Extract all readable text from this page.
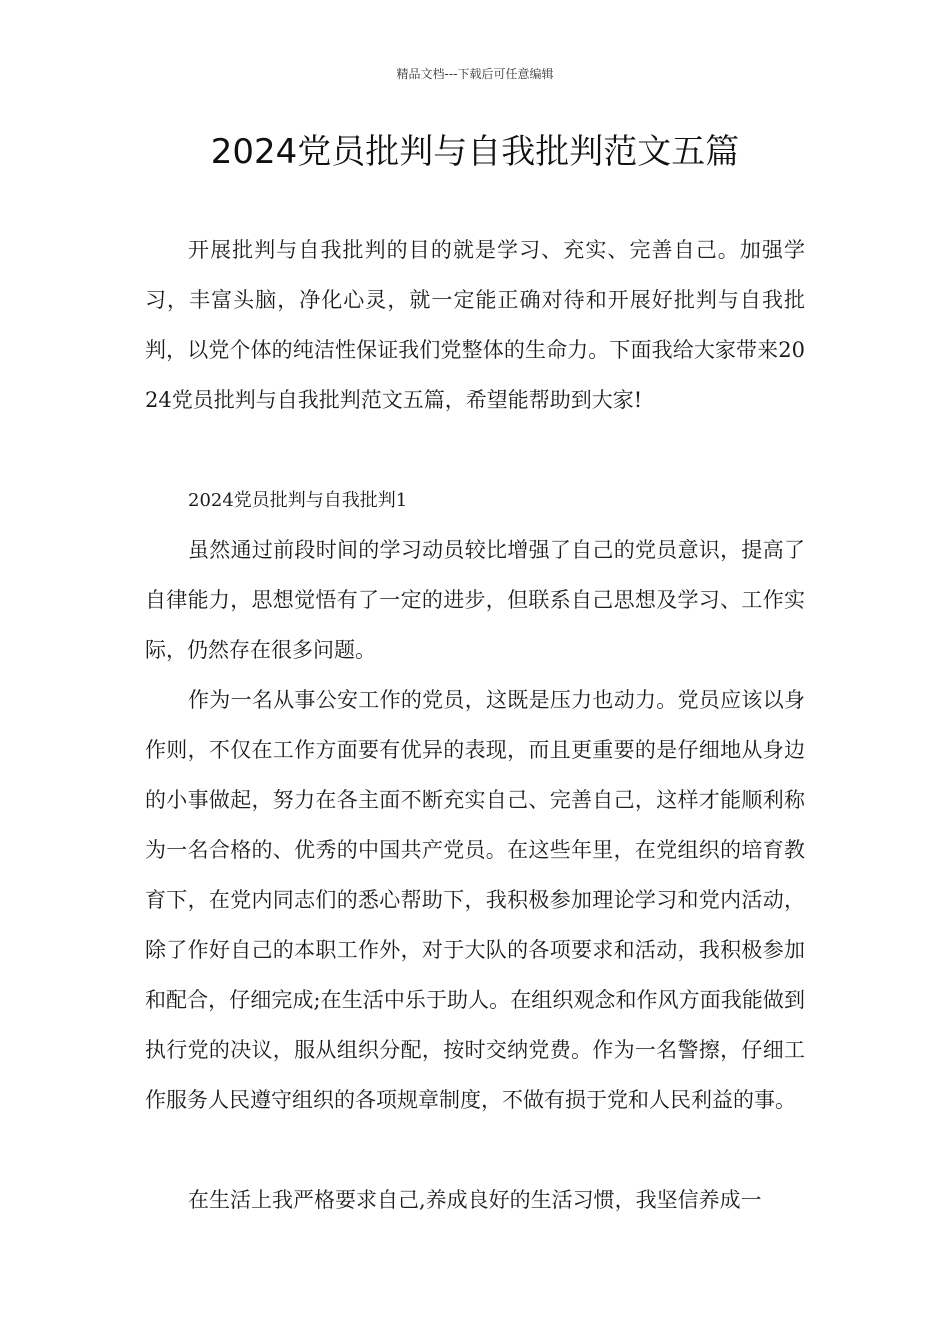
精品文档---下载后可任意编辑
2024党员批判与自我批判范文五篇

开展批判与自我批判的目的就是学习、充实、完善自己。加强学习，丰富头脑，净化心灵，就一定能正确对待和开展好批判与自我批判，以党个体的纯洁性保证我们党整体的生命力。下面我给大家带来2024党员批判与自我批判范文五篇，希望能帮助到大家!

2024党员批判与自我批判1

虽然通过前段时间的学习动员较比增强了自己的党员意识，提高了自律能力，思想觉悟有了一定的进步，但联系自己思想及学习、工作实际，仍然存在很多问题。

作为一名从事公安工作的党员，这既是压力也动力。党员应该以身作则，不仅在工作方面要有优异的表现，而且更重要的是仔细地从身边的小事做起，努力在各主面不断充实自己、完善自己，这样才能顺利称为一名合格的、优秀的中国共产党员。在这些年里，在党组织的培育教育下，在党内同志们的悉心帮助下，我积极参加理论学习和党内活动，除了作好自己的本职工作外，对于大队的各项要求和活动，我积极参加和配合，仔细完成;在生活中乐于助人。在组织观念和作风方面我能做到执行党的决议，服从组织分配，按时交纳党费。作为一名警擦，仔细工作服务人民遵守组织的各项规章制度，不做有损于党和人民利益的事。

在生活上我严格要求自己,养成良好的生活习惯，我坚信养成一
